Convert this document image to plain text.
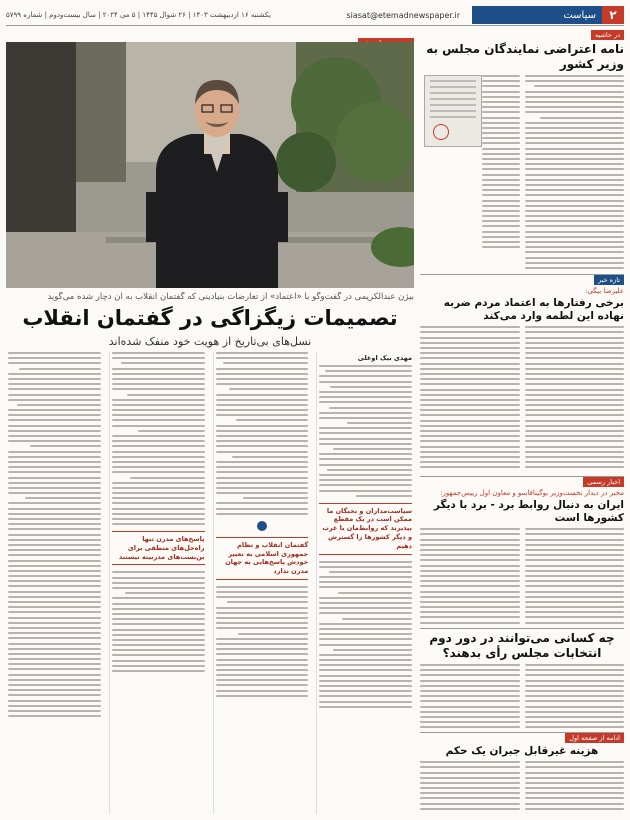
۲
سیاست
siasat@etemadnewspaper.ir
یکشنبه ۱۶ اردیبهشت ۱۴۰۳ | ۲۶ شوال ۱۴۴۵ | ۵ می ۲۰۲۴ | سال بیست‌ودوم | شماره ۵۷۹۹
بیژن عبدالکریمی در گفت‌وگو با «اعتماد» از تعارضات بنیادینی که گفتمان انقلاب به آن دچار شده می‌گوید
تصمیمات زیگزاگی در گفتمان انقلاب
نسل‌های بی‌تاریخ از هویت خود منفک شده‌اند
مهدی بیک اوغلی
سیاست‌مداران و نخبگان ما ممکن است در یک مقطع بپذیرند که روابط‌مان با غرب و دیگر کشورها را گسترش دهیم
گفتمان انقلاب و نظام جمهوری اسلامی به تعبیر خودش پاسخ‌هایی به جهان مدرن ندارد
پاسخ‌های مدرن تنها راه‌حل‌های منطقی برای بن‌بست‌های مدرنیته نیستند
در حاشیه
نامه اعتراضی نمایندگان مجلس به وزیر کشور
تازه خبر
علیرضا بیگی:
برخی رفتارها به اعتماد مردم ضربه نهاده این لطمه وارد می‌کند
اخبار رسمی
مخبر در دیدار نخست‌وزیر بوگینافاسو و معاون اول رییس‌جمهور:
ایران به دنبال روابط برد - برد با دیگر کشورها است
چه کسانی می‌توانند در دور دوم انتخابات مجلس رأی بدهند؟
ادامه از صفحه اول
هزینه غیرقابل جبران یک حکم
